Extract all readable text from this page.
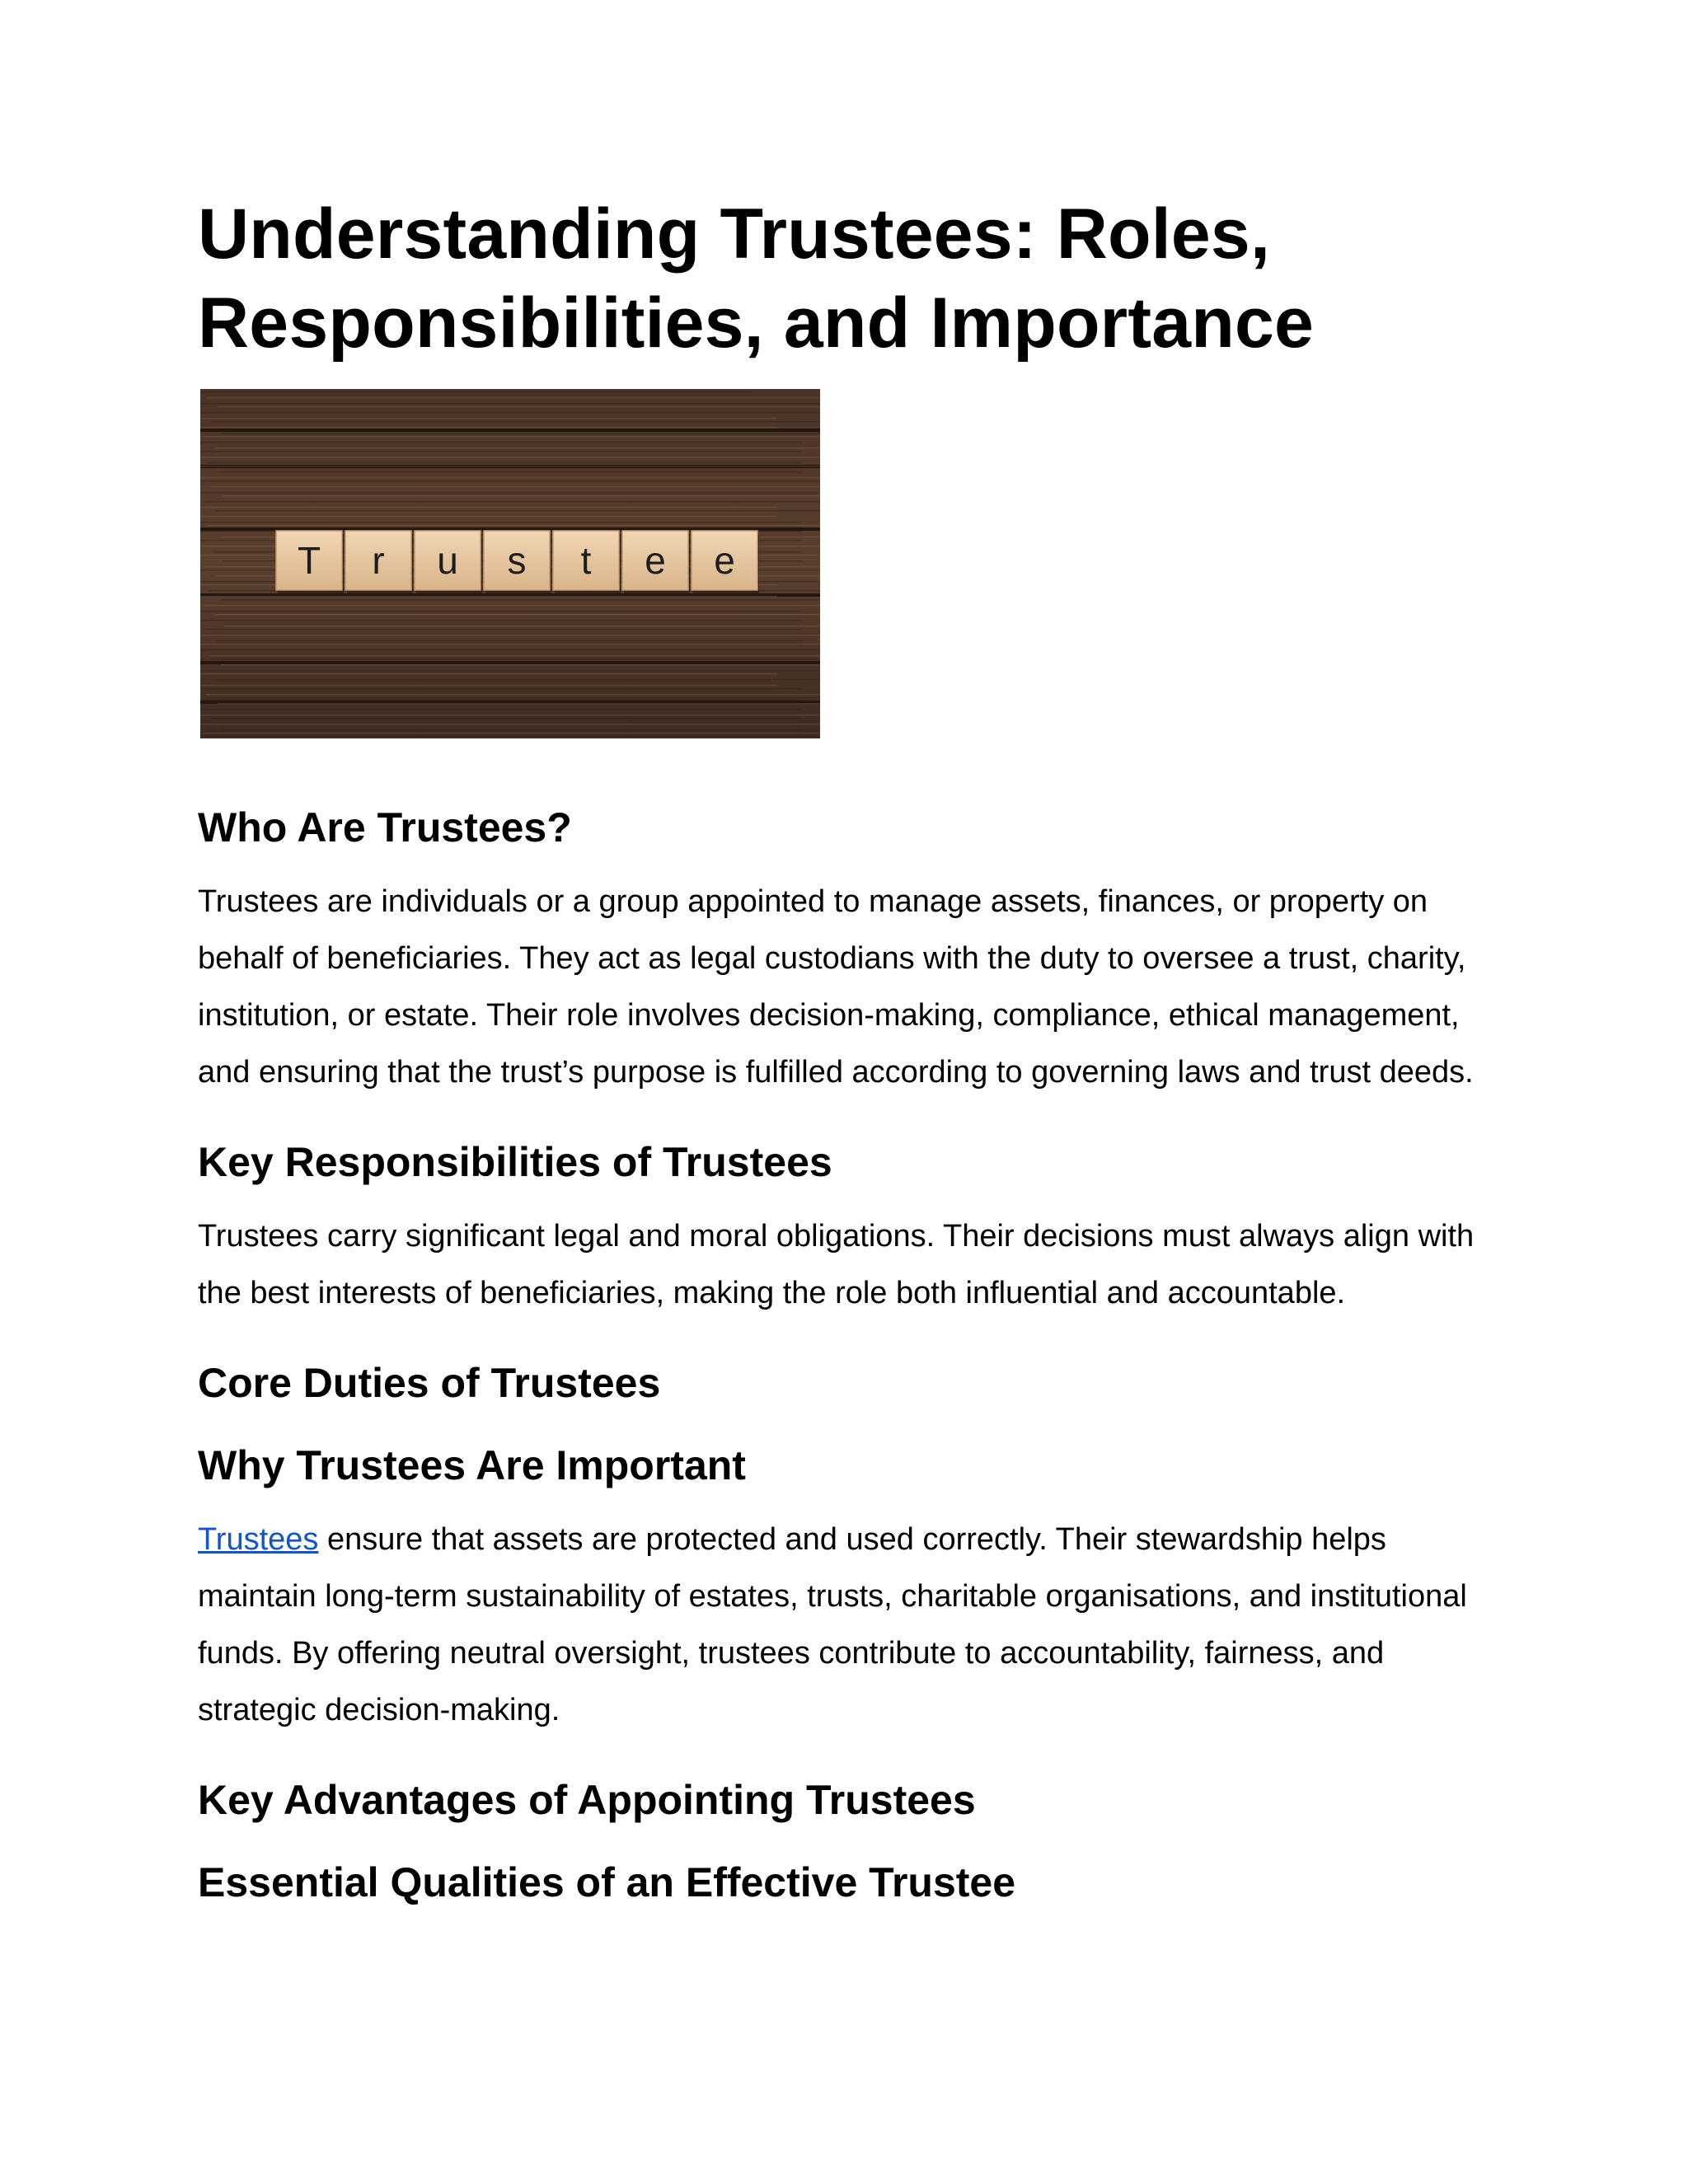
Understanding Trustees: Roles, Responsibilities, and Importance
T r u s t e e
Who Are Trustees?

Trustees are individuals or a group appointed to manage assets, finances, or property on behalf of beneficiaries. They act as legal custodians with the duty to oversee a trust, charity, institution, or estate. Their role involves decision-making, compliance, ethical management, and ensuring that the trust’s purpose is fulfilled according to governing laws and trust deeds.

Key Responsibilities of Trustees

Trustees carry significant legal and moral obligations. Their decisions must always align with the best interests of beneficiaries, making the role both influential and accountable.

Core Duties of Trustees
Why Trustees Are Important

Trustees ensure that assets are protected and used correctly. Their stewardship helps maintain long-term sustainability of estates, trusts, charitable organisations, and institutional funds. By offering neutral oversight, trustees contribute to accountability, fairness, and strategic decision-making.

Key Advantages of Appointing Trustees
Essential Qualities of an Effective Trustee
